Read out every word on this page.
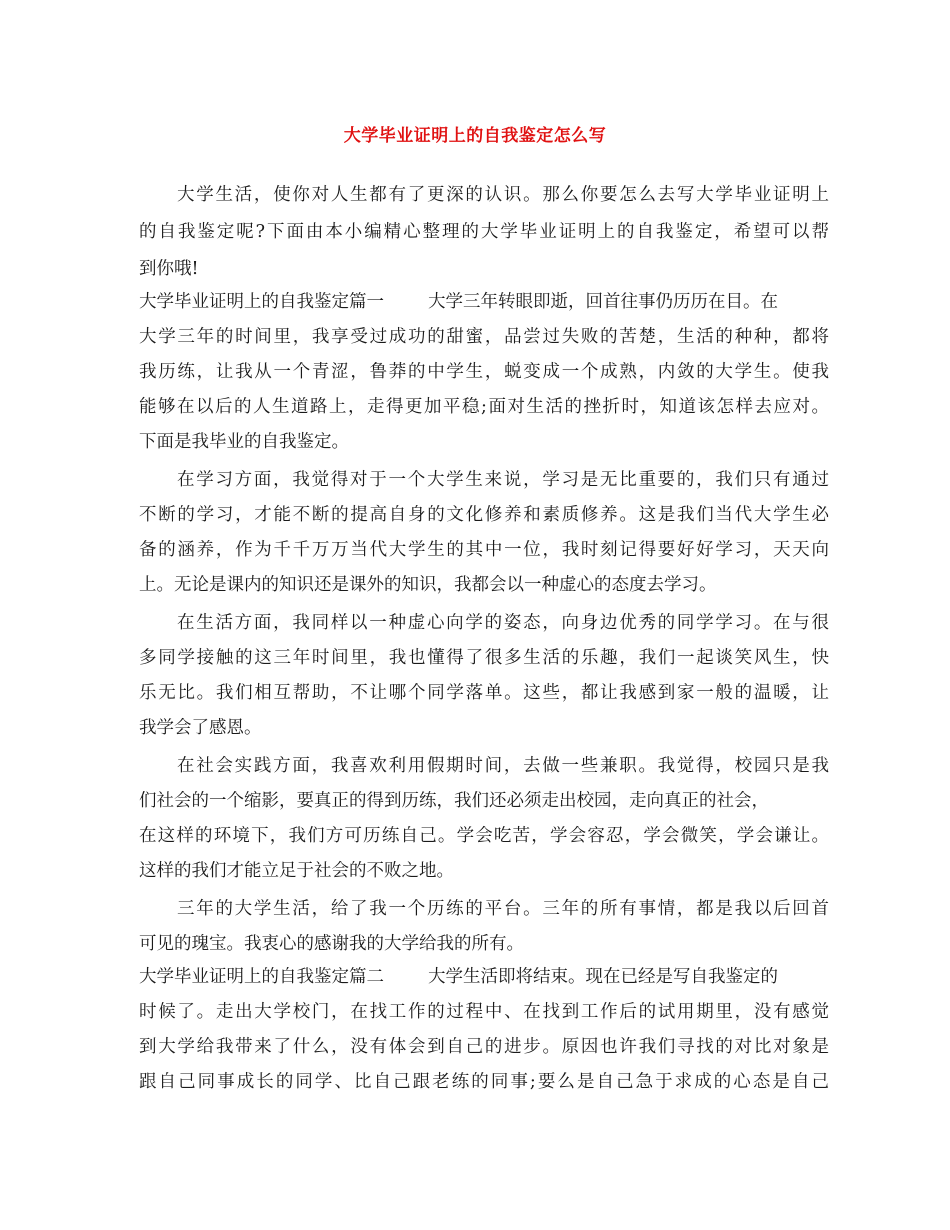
大学毕业证明上的自我鉴定怎么写
大学生活，使你对人生都有了更深的认识。那么你要怎么去写大学毕业证明上
的自我鉴定呢?下面由本小编精心整理的大学毕业证明上的自我鉴定，希望可以帮
到你哦!
大学毕业证明上的自我鉴定篇一	大学三年转眼即逝，回首往事仍历历在目。在
大学三年的时间里，我享受过成功的甜蜜，品尝过失败的苦楚，生活的种种，都将
我历练，让我从一个青涩，鲁莽的中学生，蜕变成一个成熟，内敛的大学生。使我
能够在以后的人生道路上，走得更加平稳;面对生活的挫折时，知道该怎样去应对。
下面是我毕业的自我鉴定。
在学习方面，我觉得对于一个大学生来说，学习是无比重要的，我们只有通过
不断的学习，才能不断的提高自身的文化修养和素质修养。这是我们当代大学生必
备的涵养，作为千千万万当代大学生的其中一位，我时刻记得要好好学习，天天向
上。无论是课内的知识还是课外的知识，我都会以一种虚心的态度去学习。
在生活方面，我同样以一种虚心向学的姿态，向身边优秀的同学学习。在与很
多同学接触的这三年时间里，我也懂得了很多生活的乐趣，我们一起谈笑风生，快
乐无比。我们相互帮助，不让哪个同学落单。这些，都让我感到家一般的温暖，让
我学会了感恩。
在社会实践方面，我喜欢利用假期时间，去做一些兼职。我觉得，校园只是我
们社会的一个缩影，要真正的得到历练，我们还必须走出校园，走向真正的社会，
在这样的环境下，我们方可历练自己。学会吃苦，学会容忍，学会微笑，学会谦让。
这样的我们才能立足于社会的不败之地。
三年的大学生活，给了我一个历练的平台。三年的所有事情，都是我以后回首
可见的瑰宝。我衷心的感谢我的大学给我的所有。
大学毕业证明上的自我鉴定篇二	大学生活即将结束。现在已经是写自我鉴定的
时候了。走出大学校门，在找工作的过程中、在找到工作后的试用期里，没有感觉
到大学给我带来了什么，没有体会到自己的进步。原因也许我们寻找的对比对象是
跟自己同事成长的同学、比自己跟老练的同事;要么是自己急于求成的心态是自己
